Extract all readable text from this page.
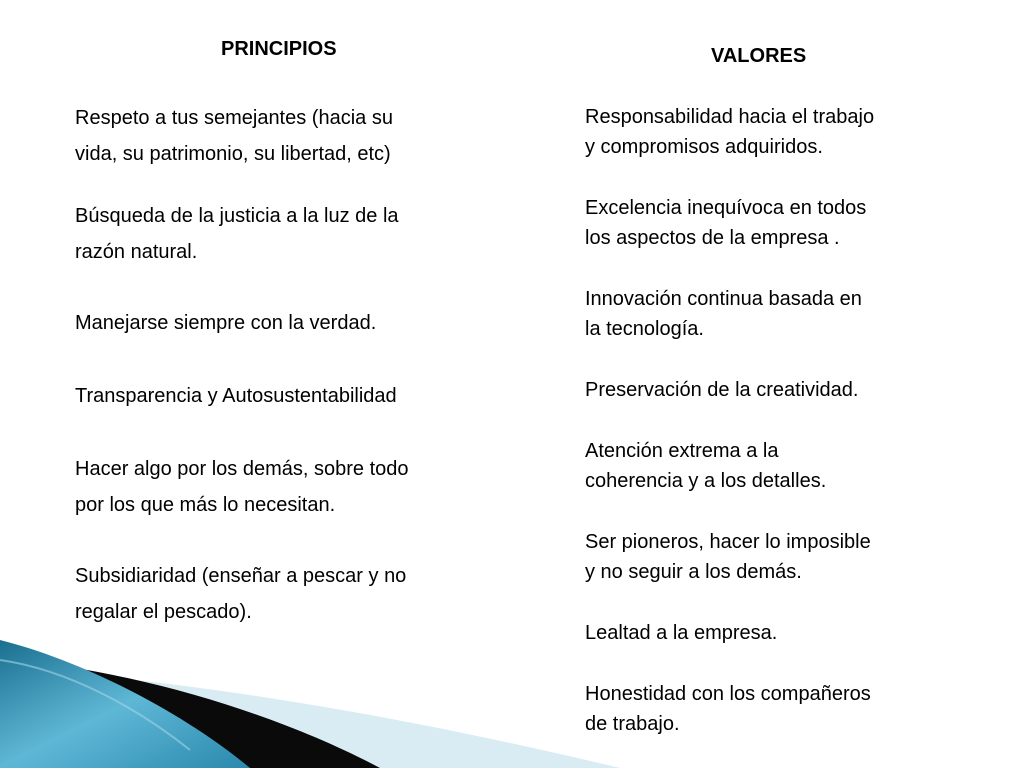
PRINCIPIOS
Respeto a tus semejantes (hacia su
vida, su patrimonio, su libertad, etc)
Búsqueda de la justicia a la luz de la
razón natural.
Manejarse siempre con la verdad.
Transparencia y Autosustentabilidad
Hacer algo por los demás, sobre todo
por los que más lo necesitan.
Subsidiaridad (enseñar a pescar y no
regalar el pescado).
VALORES
Responsabilidad hacia el trabajo
y compromisos adquiridos.
Excelencia inequívoca en todos
los aspectos de la empresa .
Innovación continua basada en
la tecnología.
Preservación de la creatividad.
Atención extrema a la
coherencia y a los detalles.
Ser pioneros, hacer lo imposible
y no seguir a los demás.
Lealtad a la empresa.
Honestidad con los compañeros
de trabajo.
